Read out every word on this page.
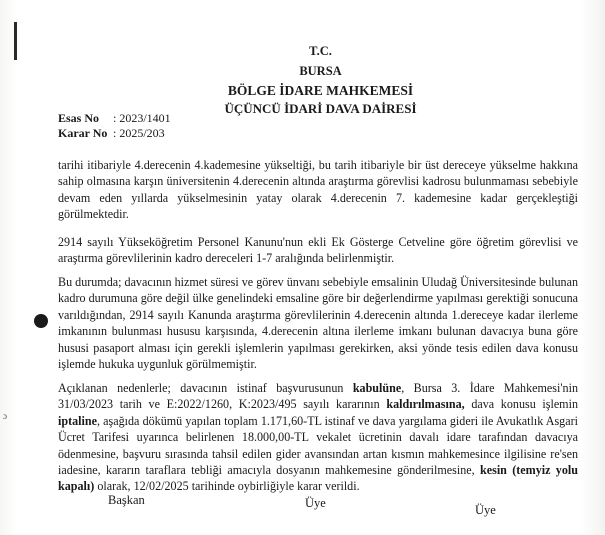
T.C.
BURSA
BÖLGE İDARE MAHKEMESİ
ÜÇÜNCÜ İDARİ DAVA DAİRESİ
Esas No : 2023/1401
Karar No : 2025/203

tarihi itibariyle 4.derecenin 4.kademesine yükseltiği, bu tarih itibariyle bir üst dereceye yükselme hakkına sahip olmasına karşın üniversitenin 4.derecenin altında araştırma görevlisi kadrosu bulunmaması sebebiyle devam eden yıllarda yükselmesinin yatay olarak 4.derecenin 7. kademesine kadar gerçekleştiği görülmektedir.

2914 sayılı Yükseköğretim Personel Kanunu'nun ekli Ek Gösterge Cetveline göre öğretim görevlisi ve araştırma görevlilerinin kadro dereceleri 1-7 aralığında belirlenmiştir.

Bu durumda; davacının hizmet süresi ve görev ünvanı sebebiyle emsalinin Uludağ Üniversitesinde bulunan kadro durumuna göre değil ülke genelindeki emsaline göre bir değerlendirme yapılması gerektiği sonucuna varıldığından, 2914 sayılı Kanunda araştırma görevlilerinin 4.derecenin altında 1.dereceye kadar ilerleme imkanının bulunması hususu karşısında, 4.derecenin altına ilerleme imkanı bulunan davacıya buna göre hususi pasaport alması için gerekli işlemlerin yapılması gerekirken, aksi yönde tesis edilen dava konusu işlemde hukuka uygunluk görülmemiştir.

Açıklanan nedenlerle; davacının istinaf başvurusunun kabulüne, Bursa 3. İdare Mahkemesi'nin 31/03/2023 tarih ve E:2022/1260, K:2023/495 sayılı kararının kaldırılmasına, dava konusu işlemin iptaline, aşağıda dökümü yapılan toplam 1.171,60-TL istinaf ve dava yargılama gideri ile Avukatlık Asgari Ücret Tarifesi uyarınca belirlenen 18.000,00-TL vekalet ücretinin davalı idare tarafından davacıya ödenmesine, başvuru sırasında tahsil edilen gider avansından artan kısmın mahkemesince ilgilisine re'sen iadesine, kararın taraflara tebliği amacıyla dosyanın mahkemesine gönderilmesine, kesin (temyiz yolu kapalı) olarak, 12/02/2025 tarihinde oybirliğiyle karar verildi.

ɔ
Başkan	Üye	Üye
